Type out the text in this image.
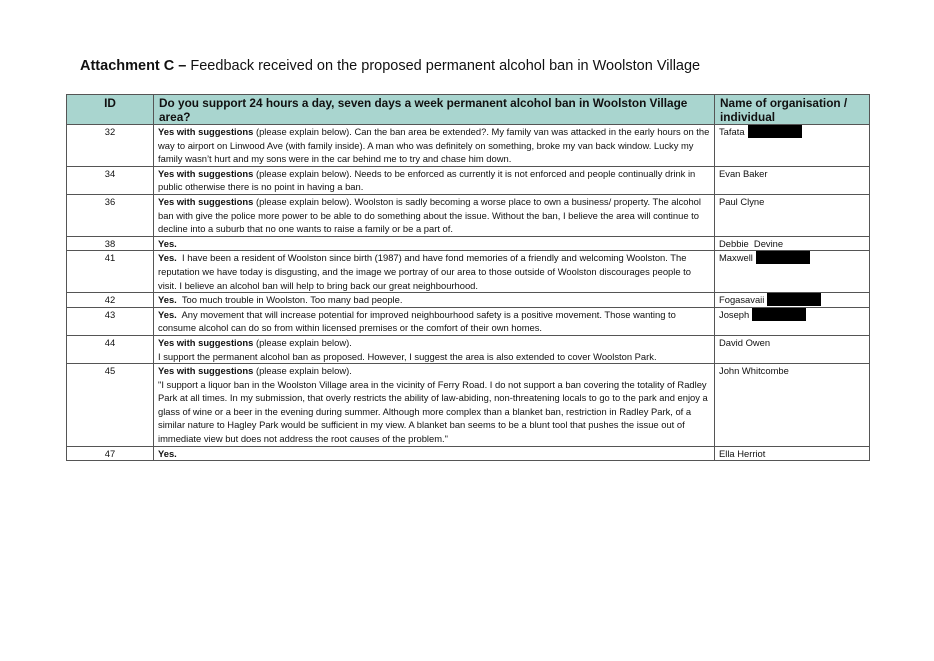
Attachment C – Feedback received on the proposed permanent alcohol ban in Woolston Village
ID	Do you support 24 hours a day, seven days a week permanent alcohol ban in Woolston Village area?	Name of organisation / individual
32	Yes with suggestions (please explain below). Can the ban area be extended?. My family van was attacked in the early hours on the way to airport on Linwood Ave (with family inside). A man who was definitely on something, broke my van back window. Lucky my family wasn’t hurt and my sons were in the car behind me to try and chase him down.	Tafata
34	Yes with suggestions (please explain below). Needs to be enforced as currently it is not enforced and people continually drink in public otherwise there is no point in having a ban.	Evan Baker
36	Yes with suggestions (please explain below). Woolston is sadly becoming a worse place to own a business/ property. The alcohol ban with give the police more power to be able to do something about the issue. Without the ban, I believe the area will continue to decline into a suburb that no one wants to raise a family or be a part of.	Paul Clyne
38	Yes.	Debbie  Devine
41	Yes.  I have been a resident of Woolston since birth (1987) and have fond memories of a friendly and welcoming Woolston. The reputation we have today is disgusting, and the image we portray of our area to those outside of Woolston discourages people to visit. I believe an alcohol ban will help to bring back our great neighbourhood.	Maxwell
42	Yes.  Too much trouble in Woolston. Too many bad people.	Fogasavaii
43	Yes.  Any movement that will increase potential for improved neighbourhood safety is a positive movement. Those wanting to consume alcohol can do so from within licensed premises or the comfort of their own homes.	Joseph
44	Yes with suggestions (please explain below).
I support the permanent alcohol ban as proposed. However, I suggest the area is also extended to cover Woolston Park.	David Owen
45	Yes with suggestions (please explain below).
"I support a liquor ban in the Woolston Village area in the vicinity of Ferry Road. I do not support a ban covering the totality of Radley Park at all times. In my submission, that overly restricts the ability of law-abiding, non-threatening locals to go to the park and enjoy a glass of wine or a beer in the evening during summer. Although more complex than a blanket ban, restriction in Radley Park, of a similar nature to Hagley Park would be sufficient in my view. A blanket ban seems to be a blunt tool that pushes the issue out of immediate view but does not address the root causes of the problem."	John Whitcombe
47	Yes.	Ella Herriot
